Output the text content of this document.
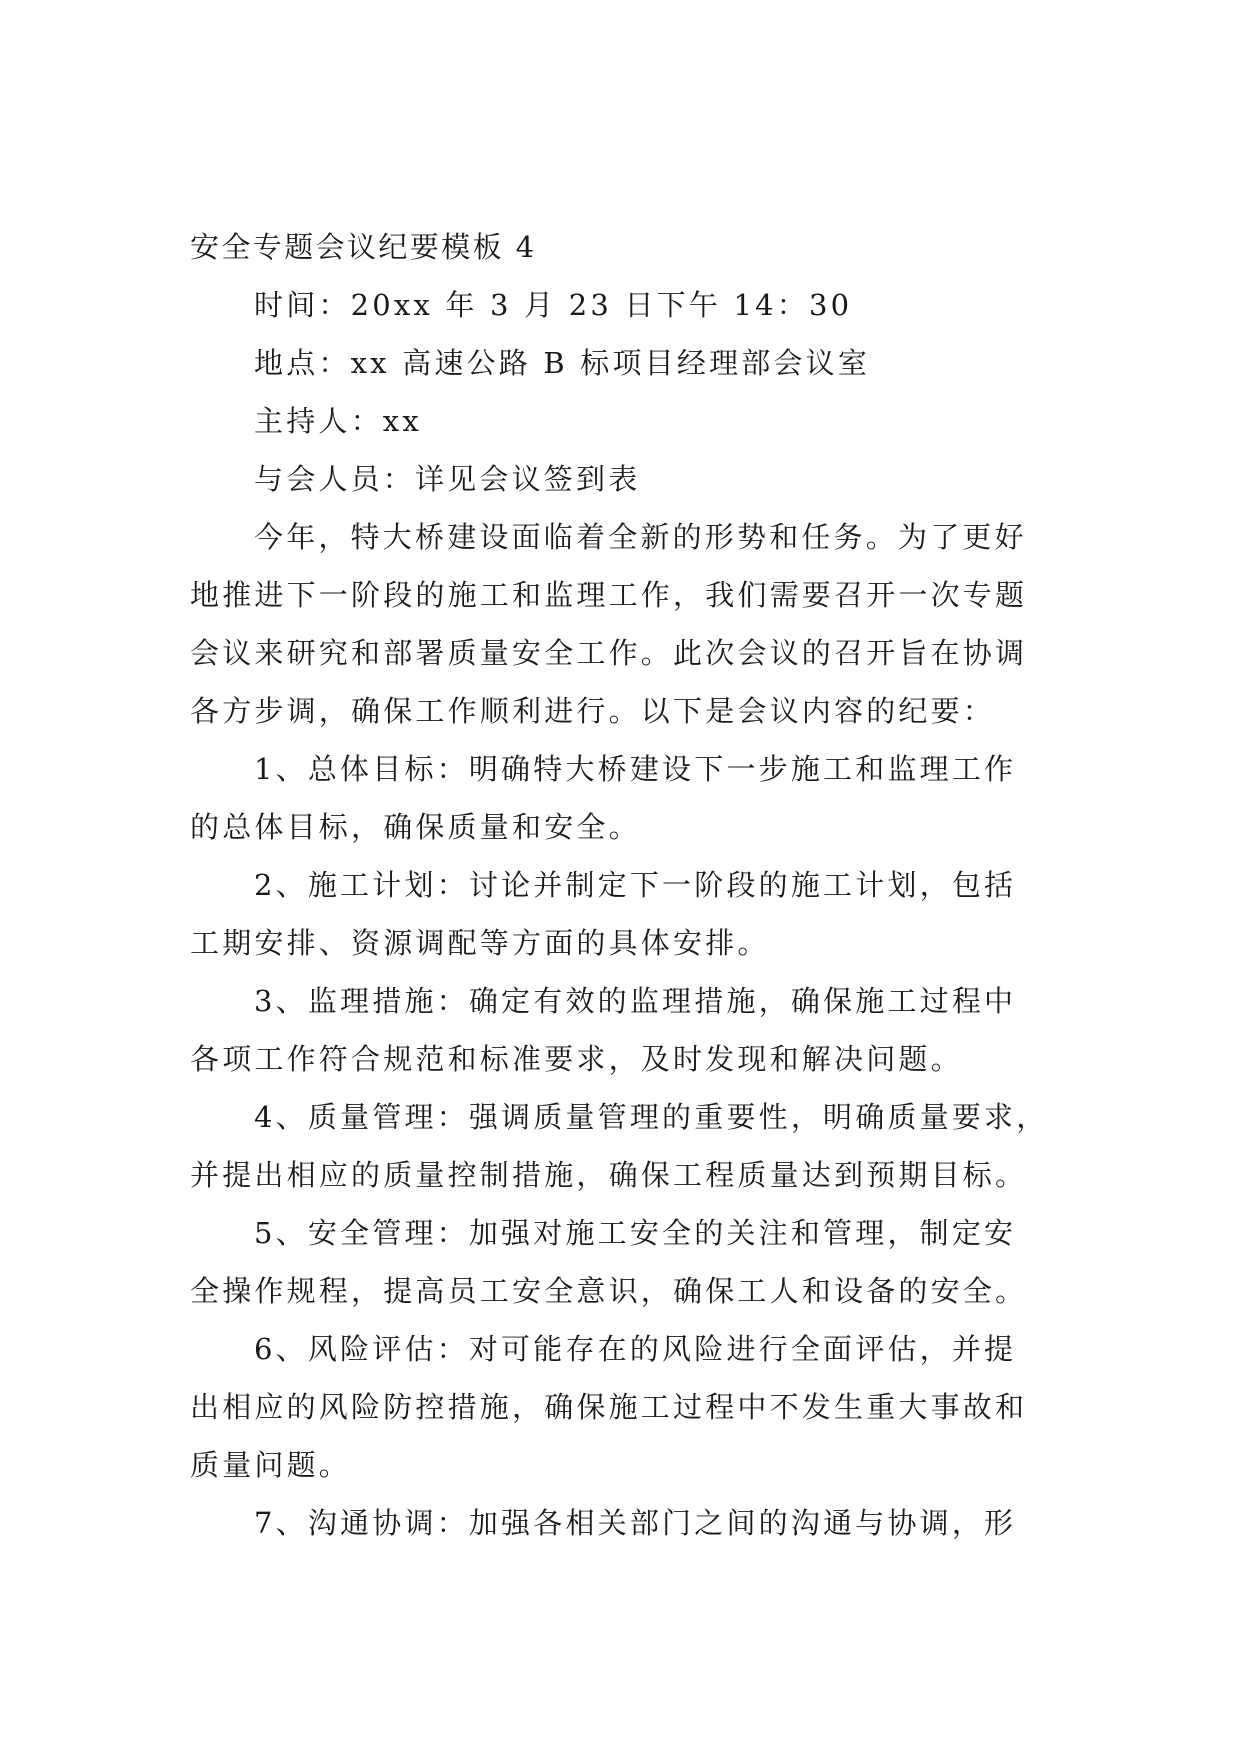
安全专题会议纪要模板 4

时间：20xx 年 3 月 23 日下午 14：30

地点：xx 高速公路 B 标项目经理部会议室

主持人：xx

与会人员：详见会议签到表

今年，特大桥建设面临着全新的形势和任务。为了更好
地推进下一阶段的施工和监理工作，我们需要召开一次专题
会议来研究和部署质量安全工作。此次会议的召开旨在协调
各方步调，确保工作顺利进行。以下是会议内容的纪要：
1、总体目标：明确特大桥建设下一步施工和监理工作
的总体目标，确保质量和安全。
2、施工计划：讨论并制定下一阶段的施工计划，包括
工期安排、资源调配等方面的具体安排。
3、监理措施：确定有效的监理措施，确保施工过程中
各项工作符合规范和标准要求，及时发现和解决问题。
4、质量管理：强调质量管理的重要性，明确质量要求，
并提出相应的质量控制措施，确保工程质量达到预期目标。
5、安全管理：加强对施工安全的关注和管理，制定安
全操作规程，提高员工安全意识，确保工人和设备的安全。
6、风险评估：对可能存在的风险进行全面评估，并提
出相应的风险防控措施，确保施工过程中不发生重大事故和
质量问题。
7、沟通协调：加强各相关部门之间的沟通与协调，形
